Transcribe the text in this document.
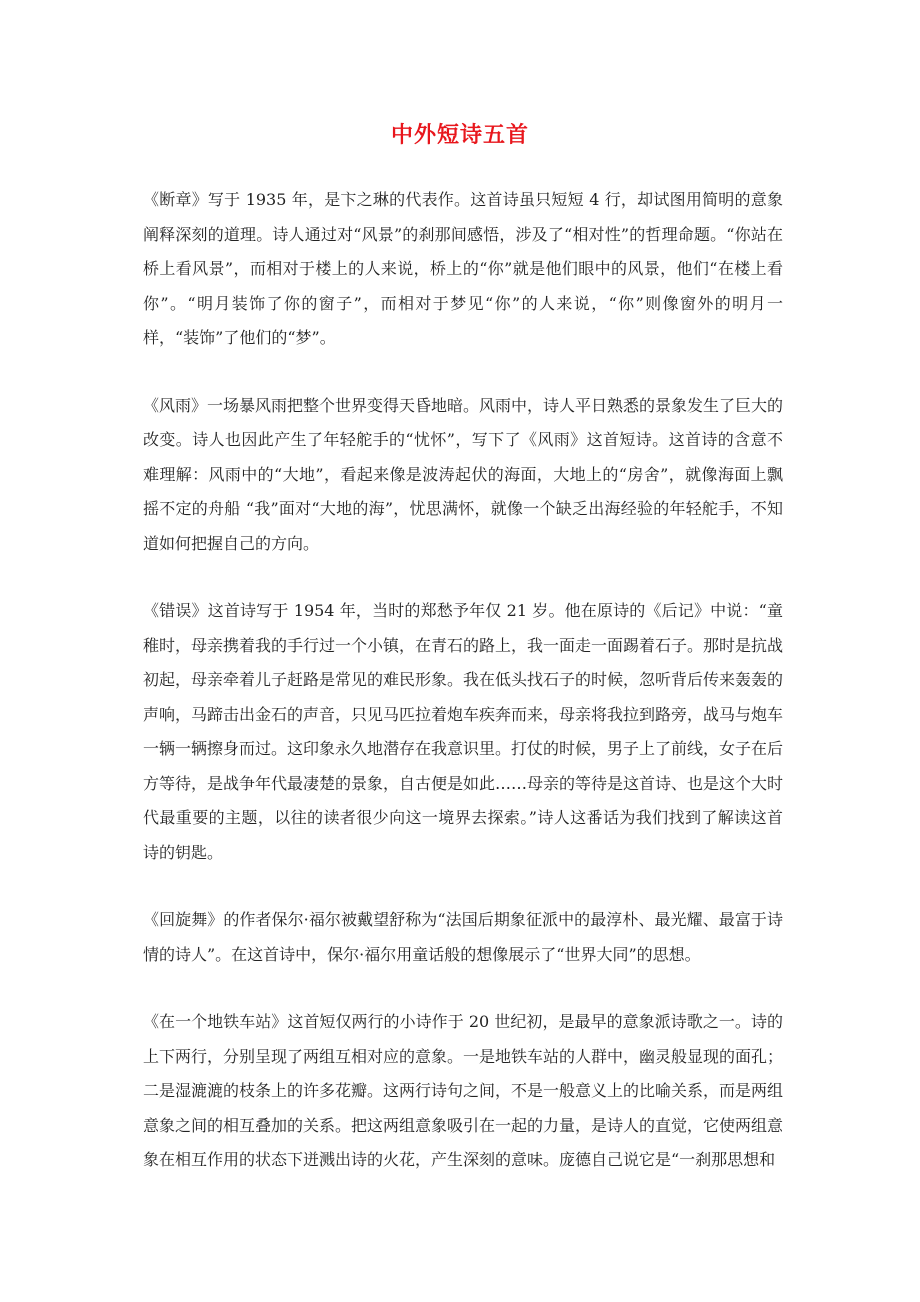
中外短诗五首

《断章》写于 1935 年，是卞之琳的代表作。这首诗虽只短短 4 行，却试图用简明的意象阐释深刻的道理。诗人通过对“风景”的刹那间感悟，涉及了“相对性”的哲理命题。“你站在桥上看风景”，而相对于楼上的人来说，桥上的“你”就是他们眼中的风景，他们“在楼上看你”。“明月装饰了你的窗子”，而相对于梦见“你”的人来说，“你”则像窗外的明月一样，“装饰”了他们的“梦”。

《风雨》一场暴风雨把整个世界变得天昏地暗。风雨中，诗人平日熟悉的景象发生了巨大的改变。诗人也因此产生了年轻舵手的“忧怀”，写下了《风雨》这首短诗。这首诗的含意不难理解：风雨中的“大地”，看起来像是波涛起伏的海面，大地上的“房舍”，就像海面上飘摇不定的舟船 “我”面对“大地的海”，忧思满怀，就像一个缺乏出海经验的年轻舵手，不知道如何把握自己的方向。

《错误》这首诗写于 1954 年，当时的郑愁予年仅 21 岁。他在原诗的《后记》中说：“童稚时，母亲携着我的手行过一个小镇，在青石的路上，我一面走一面踢着石子。那时是抗战初起，母亲牵着儿子赶路是常见的难民形象。我在低头找石子的时候，忽听背后传来轰轰的声响，马蹄击出金石的声音，只见马匹拉着炮车疾奔而来，母亲将我拉到路旁，战马与炮车一辆一辆擦身而过。这印象永久地潜存在我意识里。打仗的时候，男子上了前线，女子在后方等待，是战争年代最凄楚的景象，自古便是如此……母亲的等待是这首诗、也是这个大时代最重要的主题，以往的读者很少向这一境界去探索。”诗人这番话为我们找到了解读这首诗的钥匙。

《回旋舞》的作者保尔·福尔被戴望舒称为“法国后期象征派中的最淳朴、最光耀、最富于诗情的诗人”。在这首诗中，保尔·福尔用童话般的想像展示了“世界大同”的思想。

《在一个地铁车站》这首短仅两行的小诗作于 20 世纪初，是最早的意象派诗歌之一。诗的上下两行，分别呈现了两组互相对应的意象。一是地铁车站的人群中，幽灵般显现的面孔；二是湿漉漉的枝条上的许多花瓣。这两行诗句之间，不是一般意义上的比喻关系，而是两组意象之间的相互叠加的关系。把这两组意象吸引在一起的力量，是诗人的直觉，它使两组意象在相互作用的状态下迸溅出诗的火花，产生深刻的意味。庞德自己说它是“一刹那思想和
